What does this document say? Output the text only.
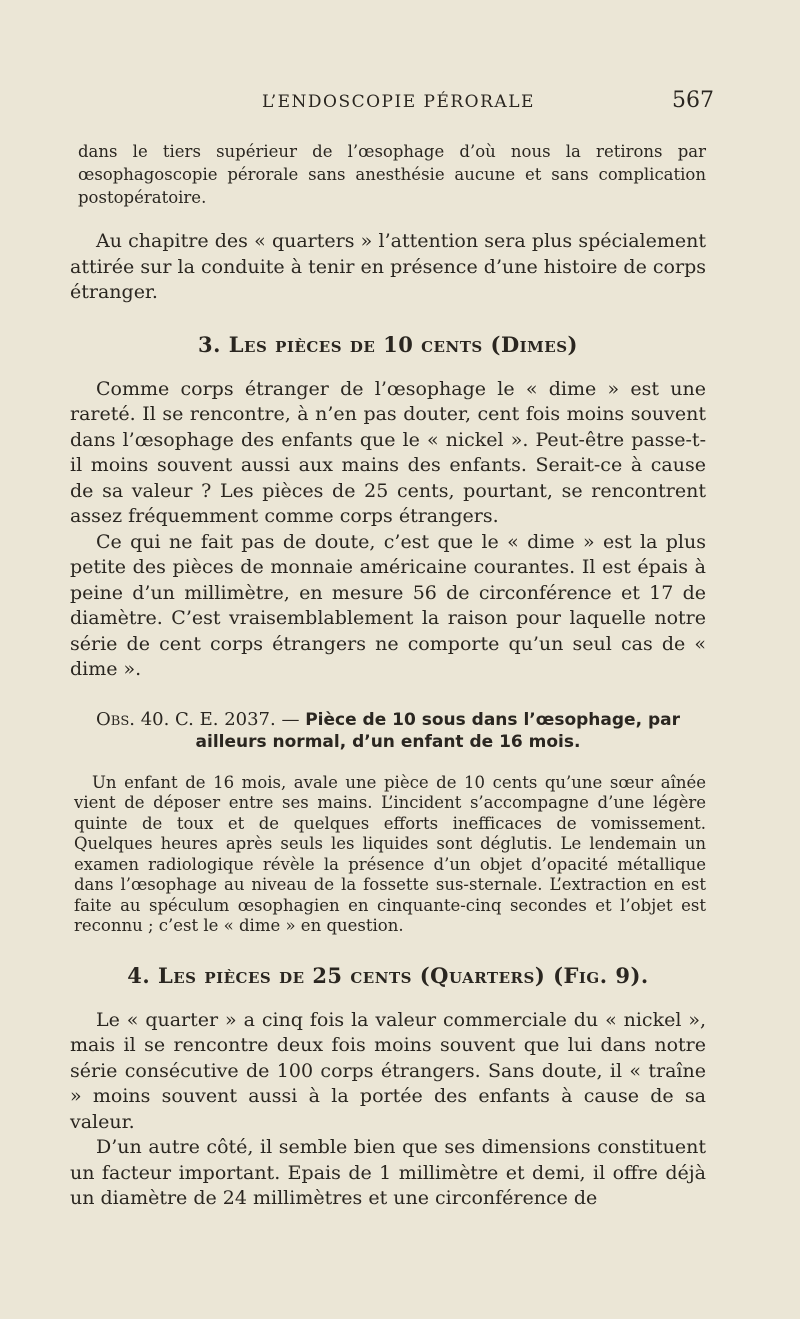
L’ENDOSCOPIE PÉRORALE	567

dans le tiers supérieur de l’œsophage d’où nous la retirons par œsophagoscopie pérorale sans anesthésie aucune et sans complication postopératoire.

Au chapitre des « quarters » l’attention sera plus spécialement attirée sur la conduite à tenir en présence d’une histoire de corps étranger.

3. Les pièces de 10 cents (Dimes)

Comme corps étranger de l’œsophage le « dime » est une rareté. Il se rencontre, à n’en pas douter, cent fois moins souvent dans l’œsophage des enfants que le « nickel ». Peut-être passe-t-il moins souvent aussi aux mains des enfants. Serait-ce à cause de sa valeur ? Les pièces de 25 cents, pourtant, se rencontrent assez fréquemment comme corps étrangers.

Ce qui ne fait pas de doute, c’est que le « dime » est la plus petite des pièces de monnaie américaine courantes. Il est épais à peine d’un millimètre, en mesure 56 de circonférence et 17 de diamètre. C’est vraisemblablement la raison pour laquelle notre série de cent corps étrangers ne comporte qu’un seul cas de « dime ».

Obs. 40. C. E. 2037. — Pièce de 10 sous dans l’œsophage, par ailleurs normal, d’un enfant de 16 mois.

Un enfant de 16 mois, avale une pièce de 10 cents qu’une sœur aînée vient de déposer entre ses mains. L’incident s’accompagne d’une légère quinte de toux et de quelques efforts inefficaces de vomissement. Quelques heures après seuls les liquides sont déglutis. Le lendemain un examen radiologique révèle la présence d’un objet d’opacité métallique dans l’œsophage au niveau de la fossette sus-sternale. L’extraction en est faite au spéculum œsophagien en cinquante-cinq secondes et l’objet est reconnu ; c’est le « dime » en question.

4. Les pièces de 25 cents (Quarters) (Fig. 9).

Le « quarter » a cinq fois la valeur commerciale du « nickel », mais il se rencontre deux fois moins souvent que lui dans notre série consécutive de 100 corps étrangers. Sans doute, il « traîne » moins souvent aussi à la portée des enfants à cause de sa valeur.

D’un autre côté, il semble bien que ses dimensions constituent un facteur important. Epais de 1 millimètre et demi, il offre déjà un diamètre de 24 millimètres et une circonférence de
